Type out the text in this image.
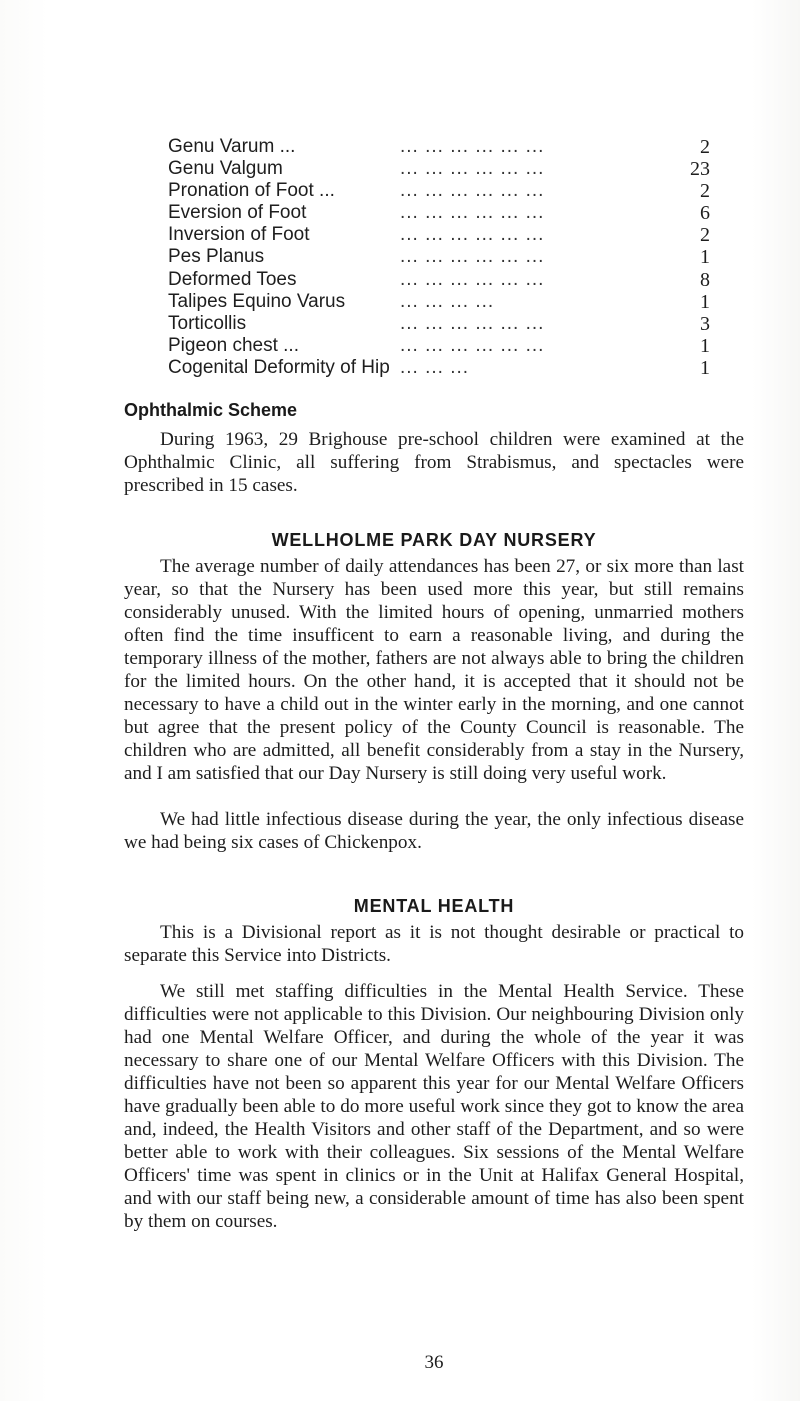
Genu Varum ...	... ... ... ... ... ...	2
Genu Valgum	... ... ... ... ... ...	23
Pronation of Foot ...	... ... ... ... ... ...	2
Eversion of Foot	... ... ... ... ... ...	6
Inversion of Foot	... ... ... ... ... ...	2
Pes Planus	... ... ... ... ... ...	1
Deformed Toes	... ... ... ... ... ...	8
Talipes Equino Varus	... ... ... ...	1
Torticollis	... ... ... ... ... ...	3
Pigeon chest ...	... ... ... ... ... ...	1
Cogenital Deformity of Hip ... ... ...	1
Ophthalmic Scheme

During 1963, 29 Brighouse pre-school children were examined at the Ophthalmic Clinic, all suffering from Strabismus, and spectacles were prescribed in 15 cases.

WELLHOLME PARK DAY NURSERY

The average number of daily attendances has been 27, or six more than last year, so that the Nursery has been used more this year, but still remains considerably unused. With the limited hours of opening, unmarried mothers often find the time insufficent to earn a reasonable living, and during the temporary illness of the mother, fathers are not always able to bring the children for the limited hours. On the other hand, it is accepted that it should not be necessary to have a child out in the winter early in the morning, and one cannot but agree that the present policy of the County Council is reasonable. The children who are admitted, all benefit considerably from a stay in the Nursery, and I am satisfied that our Day Nursery is still doing very useful work.

We had little infectious disease during the year, the only infectious disease we had being six cases of Chickenpox.

MENTAL HEALTH

This is a Divisional report as it is not thought desirable or practical to separate this Service into Districts.

We still met staffing difficulties in the Mental Health Service. These difficulties were not applicable to this Division. Our neighbouring Division only had one Mental Welfare Officer, and during the whole of the year it was necessary to share one of our Mental Welfare Officers with this Division. The difficulties have not been so apparent this year for our Mental Welfare Officers have gradually been able to do more useful work since they got to know the area and, indeed, the Health Visitors and other staff of the Department, and so were better able to work with their colleagues. Six sessions of the Mental Welfare Officers' time was spent in clinics or in the Unit at Halifax General Hospital, and with our staff being new, a considerable amount of time has also been spent by them on courses.

36
